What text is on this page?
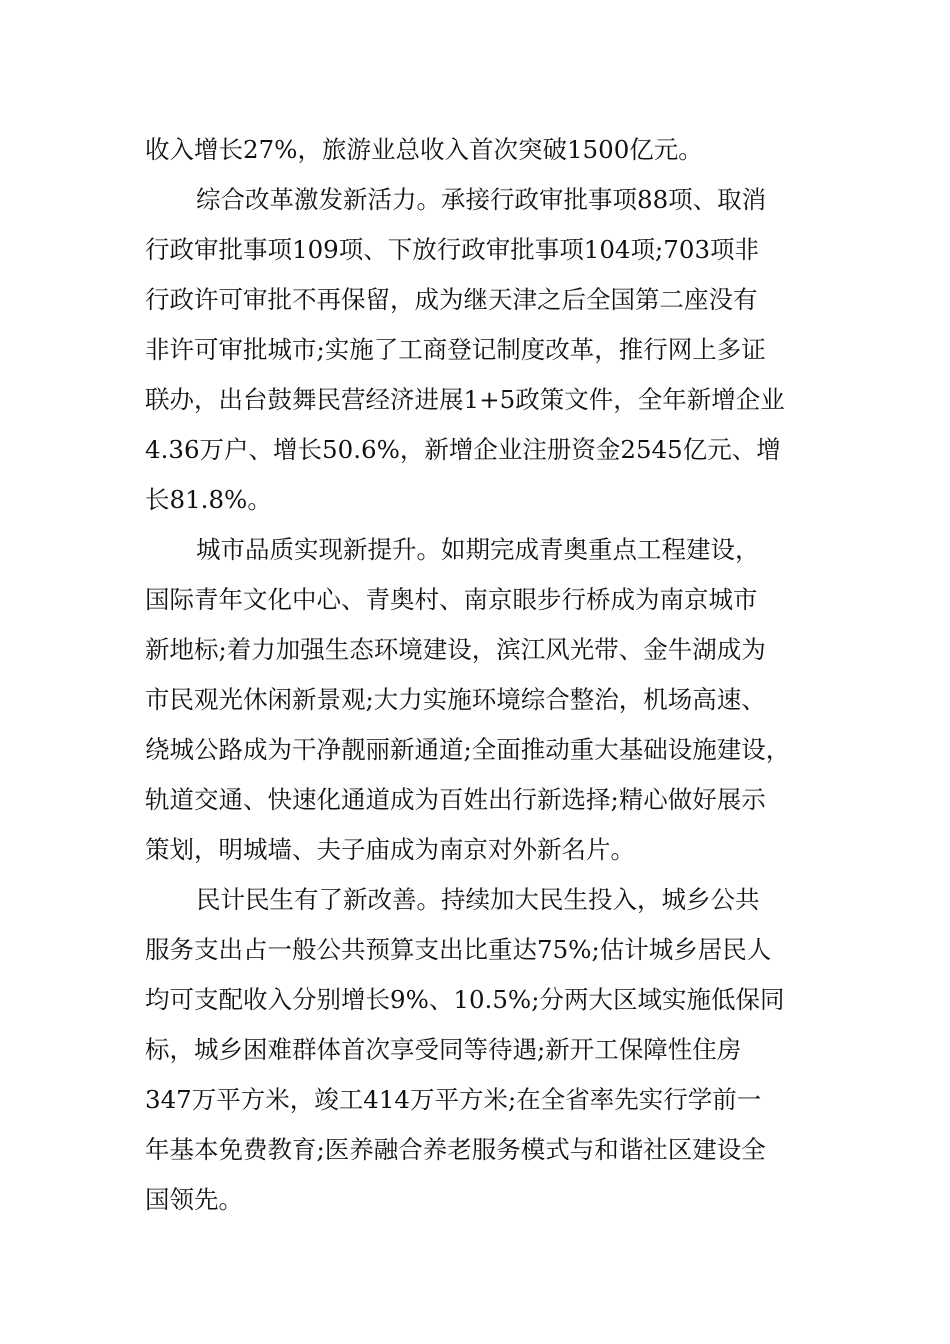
收入增长27%，旅游业总收入首次突破1500亿元。
综合改革激发新活力。承接行政审批事项88项、取消
行政审批事项109项、下放行政审批事项104项;703项非
行政许可审批不再保留，成为继天津之后全国第二座没有
非许可审批城市;实施了工商登记制度改革，推行网上多证
联办，出台鼓舞民营经济进展1+5政策文件，全年新增企业
4.36万户、增长50.6%，新增企业注册资金2545亿元、增
长81.8%。
城市品质实现新提升。如期完成青奥重点工程建设，
国际青年文化中心、青奥村、南京眼步行桥成为南京城市
新地标;着力加强生态环境建设，滨江风光带、金牛湖成为
市民观光休闲新景观;大力实施环境综合整治，机场高速、
绕城公路成为干净靓丽新通道;全面推动重大基础设施建设，
轨道交通、快速化通道成为百姓出行新选择;精心做好展示
策划，明城墙、夫子庙成为南京对外新名片。
民计民生有了新改善。持续加大民生投入，城乡公共
服务支出占一般公共预算支出比重达75%;估计城乡居民人
均可支配收入分别增长9%、10.5%;分两大区域实施低保同
标，城乡困难群体首次享受同等待遇;新开工保障性住房
347万平方米，竣工414万平方米;在全省率先实行学前一
年基本免费教育;医养融合养老服务模式与和谐社区建设全
国领先。
